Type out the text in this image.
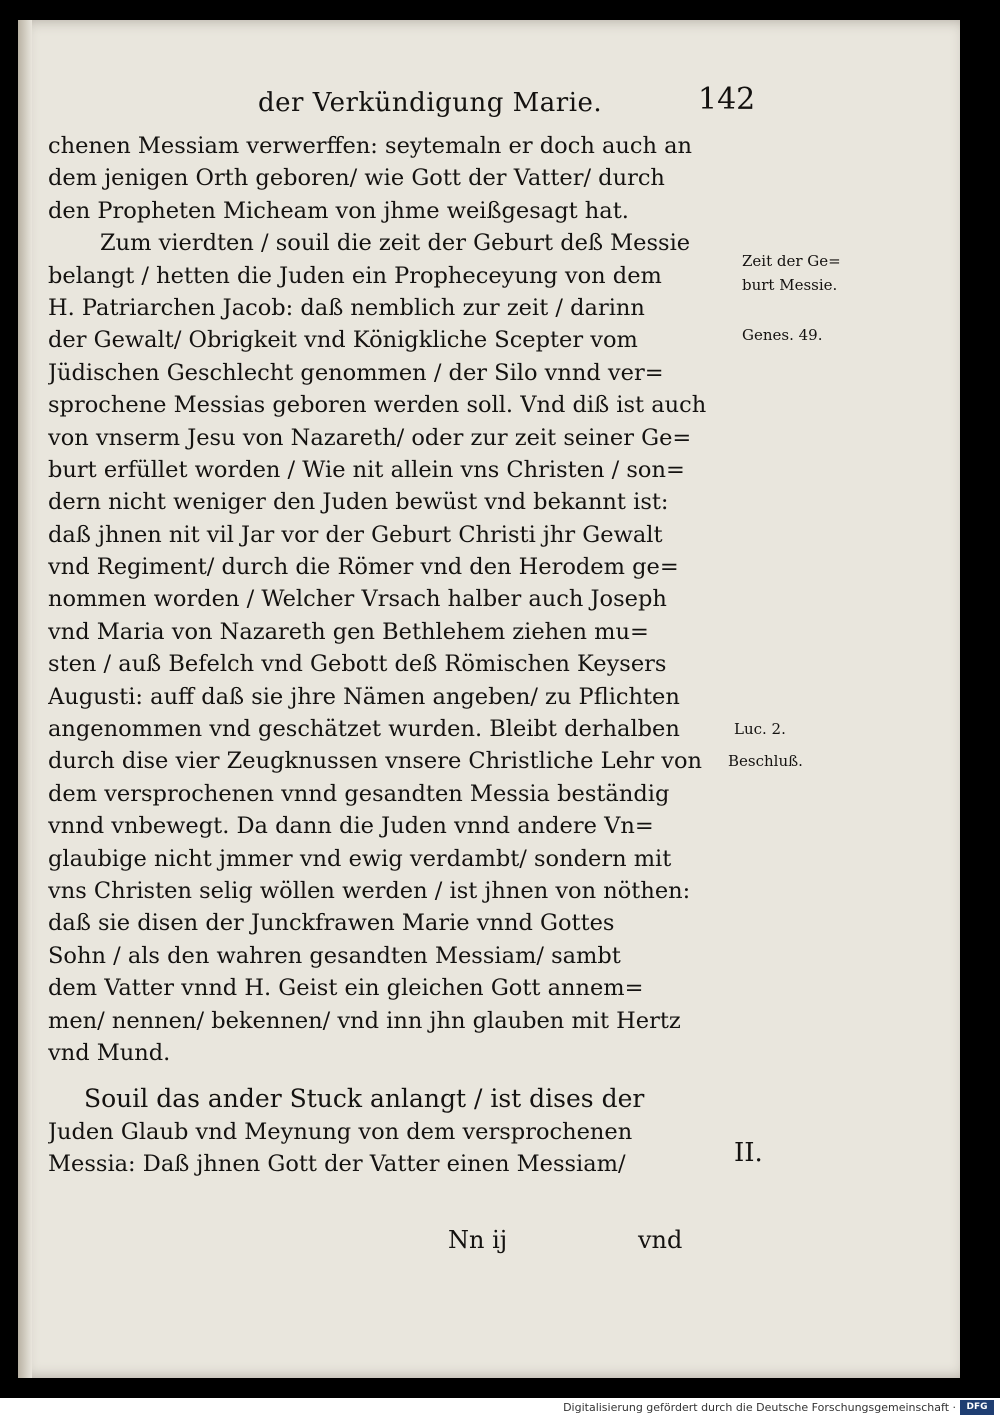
der Verkündigung Marie.	142
chenen Messiam verwerffen: seytemaln er doch auch an
dem jenigen Orth geboren/ wie Gott der Vatter/ durch
den Propheten Micheam von jhme weißgesagt hat.
Zum vierdten / souil die zeit der Geburt deß Messie
belangt / hetten die Juden ein Propheceyung von dem
H. Patriarchen Jacob: daß nemblich zur zeit / darinn
der Gewalt/ Obrigkeit vnd Königkliche Scepter vom
Jüdischen Geschlecht genommen / der Silo vnnd ver=
sprochene Messias geboren werden soll. Vnd diß ist auch
von vnserm Jesu von Nazareth/ oder zur zeit seiner Ge=
burt erfüllet worden / Wie nit allein vns Christen / son=
dern nicht weniger den Juden bewüst vnd bekannt ist:
daß jhnen nit vil Jar vor der Geburt Christi jhr Gewalt
vnd Regiment/ durch die Römer vnd den Herodem ge=
nommen worden / Welcher Vrsach halber auch Joseph
vnd Maria von Nazareth gen Bethlehem ziehen mu=
sten / auß Befelch vnd Gebott deß Römischen Keysers
Augusti: auff daß sie jhre Nämen angeben/ zu Pflichten
angenommen vnd geschätzet wurden. Bleibt derhalben
durch dise vier Zeugknussen vnsere Christliche Lehr von
dem versprochenen vnnd gesandten Messia beständig
vnnd vnbewegt. Da dann die Juden vnnd andere Vn=
glaubige nicht jmmer vnd ewig verdambt/ sondern mit
vns Christen selig wöllen werden / ist jhnen von nöthen:
daß sie disen der Junckfrawen Marie vnnd Gottes
Sohn / als den wahren gesandten Messiam/ sambt
dem Vatter vnnd H. Geist ein gleichen Gott annem=
men/ nennen/ bekennen/ vnd inn jhn glauben mit Hertz
vnd Mund.
Souil das ander Stuck anlangt / ist dises der
Juden Glaub vnd Meynung von dem versprochenen
Messia: Daß jhnen Gott der Vatter einen Messiam/
Zeit der Ge=
burt Messie.
Genes. 49.
Luc. 2.
Beschluß.
II.
Nn ij	vnd
Digitalisierung gefördert durch die Deutsche Forschungsgemeinschaft ·	DFG
